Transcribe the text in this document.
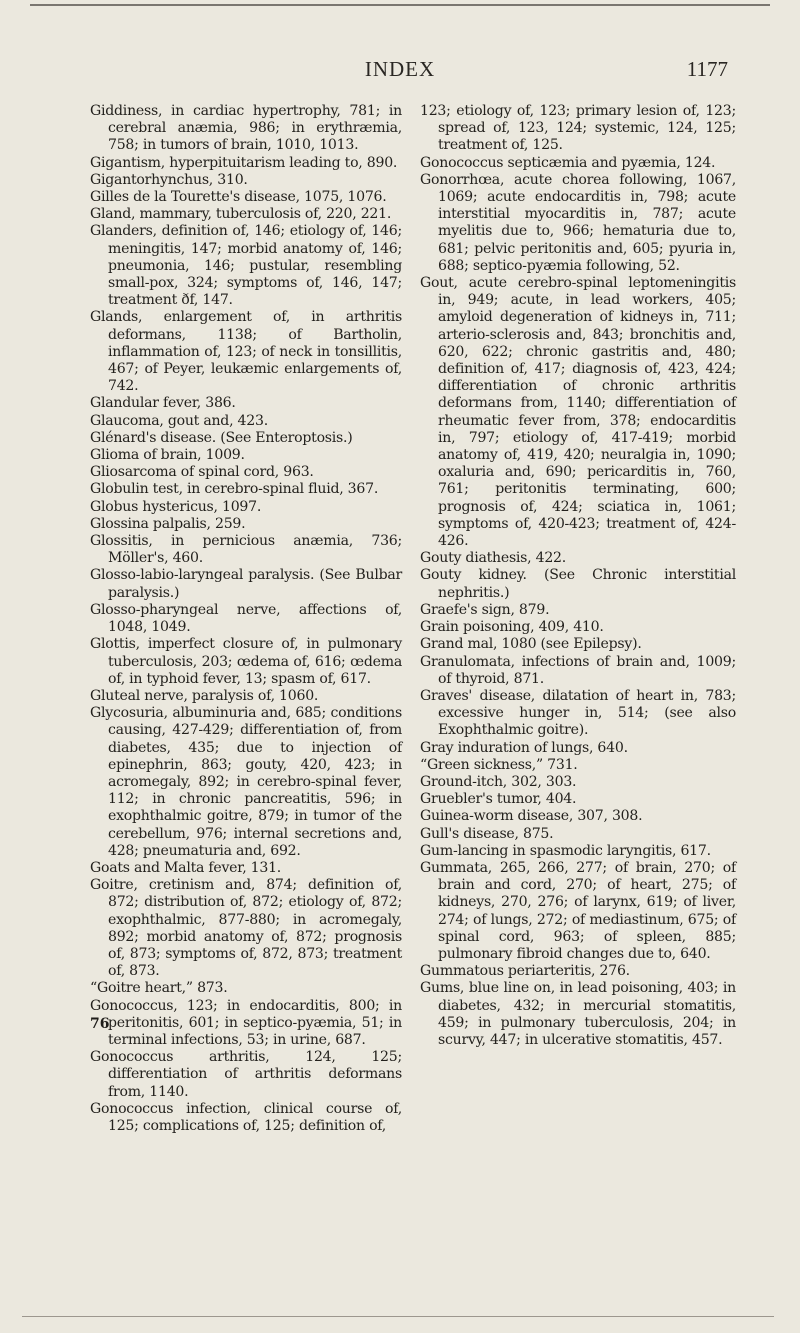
INDEX	1177

Giddiness, in cardiac hypertrophy, 781; in cerebral anæmia, 986; in erythræmia, 758; in tumors of brain, 1010, 1013.

Gigantism, hyperpituitarism leading to, 890.

Gigantorhynchus, 310.

Gilles de la Tourette's disease, 1075, 1076.

Gland, mammary, tuberculosis of, 220, 221.

Glanders, definition of, 146; etiology of, 146; meningitis, 147; morbid anatomy of, 146; pneumonia, 146; pustular, resembling small-pox, 324; symptoms of, 146, 147; treatment ðf, 147.

Glands, enlargement of, in arthritis deformans, 1138; of Bartholin, inflammation of, 123; of neck in tonsillitis, 467; of Peyer, leukæmic enlargements of, 742.

Glandular fever, 386.

Glaucoma, gout and, 423.

Glénard's disease. (See Enteroptosis.)

Glioma of brain, 1009.

Gliosarcoma of spinal cord, 963.

Globulin test, in cerebro-spinal fluid, 367.

Globus hystericus, 1097.

Glossina palpalis, 259.

Glossitis, in pernicious anæmia, 736; Möller's, 460.

Glosso-labio-laryngeal paralysis. (See Bulbar paralysis.)

Glosso-pharyngeal nerve, affections of, 1048, 1049.

Glottis, imperfect closure of, in pulmonary tuberculosis, 203; œdema of, 616; œdema of, in typhoid fever, 13; spasm of, 617.

Gluteal nerve, paralysis of, 1060.

Glycosuria, albuminuria and, 685; conditions causing, 427-429; differentiation of, from diabetes, 435; due to injection of epinephrin, 863; gouty, 420, 423; in acromegaly, 892; in cerebro-spinal fever, 112; in chronic pancreatitis, 596; in exophthalmic goitre, 879; in tumor of the cerebellum, 976; internal secretions and, 428; pneumaturia and, 692.

Goats and Malta fever, 131.

Goitre, cretinism and, 874; definition of, 872; distribution of, 872; etiology of, 872; exophthalmic, 877-880; in acromegaly, 892; morbid anatomy of, 872; prognosis of, 873; symptoms of, 872, 873; treatment of, 873.

“Goitre heart,” 873.

Gonococcus, 123; in endocarditis, 800; in peritonitis, 601; in septico-pyæmia, 51; in terminal infections, 53; in urine, 687.

Gonococcus arthritis, 124, 125; differentiation of arthritis deformans from, 1140.

Gonococcus infection, clinical course of, 125; complications of, 125; definition of,

123; etiology of, 123; primary lesion of, 123; spread of, 123, 124; systemic, 124, 125; treatment of, 125.

Gonococcus septicæmia and pyæmia, 124.

Gonorrhœa, acute chorea following, 1067, 1069; acute endocarditis in, 798; acute interstitial myocarditis in, 787; acute myelitis due to, 966; hematuria due to, 681; pelvic peritonitis and, 605; pyuria in, 688; septico-pyæmia following, 52.

Gout, acute cerebro-spinal leptomeningitis in, 949; acute, in lead workers, 405; amyloid degeneration of kidneys in, 711; arterio-sclerosis and, 843; bronchitis and, 620, 622; chronic gastritis and, 480; definition of, 417; diagnosis of, 423, 424; differentiation of chronic arthritis deformans from, 1140; differentiation of rheumatic fever from, 378; endocarditis in, 797; etiology of, 417-419; morbid anatomy of, 419, 420; neuralgia in, 1090; oxaluria and, 690; pericarditis in, 760, 761; peritonitis terminating, 600; prognosis of, 424; sciatica in, 1061; symptoms of, 420-423; treatment of, 424-426.

Gouty diathesis, 422.

Gouty kidney. (See Chronic interstitial nephritis.)

Graefe's sign, 879.

Grain poisoning, 409, 410.

Grand mal, 1080 (see Epilepsy).

Granulomata, infections of brain and, 1009; of thyroid, 871.

Graves' disease, dilatation of heart in, 783; excessive hunger in, 514; (see also Exophthalmic goitre).

Gray induration of lungs, 640.

“Green sickness,” 731.

Ground-itch, 302, 303.

Gruebler's tumor, 404.

Guinea-worm disease, 307, 308.

Gull's disease, 875.

Gum-lancing in spasmodic laryngitis, 617.

Gummata, 265, 266, 277; of brain, 270; of brain and cord, 270; of heart, 275; of kidneys, 270, 276; of larynx, 619; of liver, 274; of lungs, 272; of mediastinum, 675; of spinal cord, 963; of spleen, 885; pulmonary fibroid changes due to, 640.

Gummatous periarteritis, 276.

Gums, blue line on, in lead poisoning, 403; in diabetes, 432; in mercurial stomatitis, 459; in pulmonary tuberculosis, 204; in scurvy, 447; in ulcerative stomatitis, 457.

76
